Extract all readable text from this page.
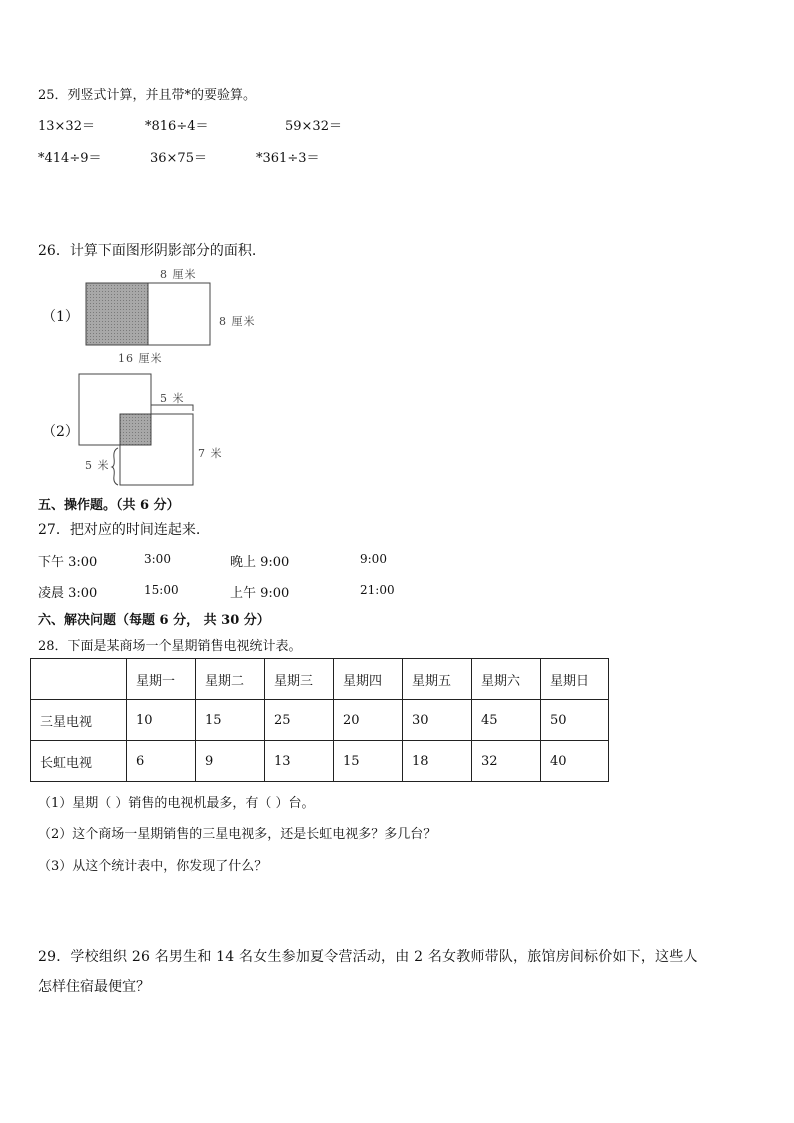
25．列竖式计算，并且带*的要验算。
13×32＝	*816÷4＝	59×32＝
*414÷9＝	36×75＝	*361÷3＝
26．计算下面图形阴影部分的面积.
（1）
8 厘米
8 厘米
16 厘米
（2）
5 米
7 米
5 米
五、操作题。（共 6 分）
27．把对应的时间连起来.
下午 3:00	3:00	晚上 9:00	9:00
凌晨 3:00	15:00	上午 9:00	21:00
六、解决问题（每题 6 分， 共 30 分）
28．下面是某商场一个星期销售电视统计表。
	星期一	星期二	星期三	星期四	星期五	星期六	星期日
三星电视	10	15	25	20	30	45	50
长虹电视	6	9	13	15	18	32	40
（1）星期（ ）销售的电视机最多，有（ ）台。
（2）这个商场一星期销售的三星电视多，还是长虹电视多？多几台？
（3）从这个统计表中，你发现了什么？
29．学校组织 26 名男生和 14 名女生参加夏令营活动，由 2 名女教师带队，旅馆房间标价如下，这些人
怎样住宿最便宜？
